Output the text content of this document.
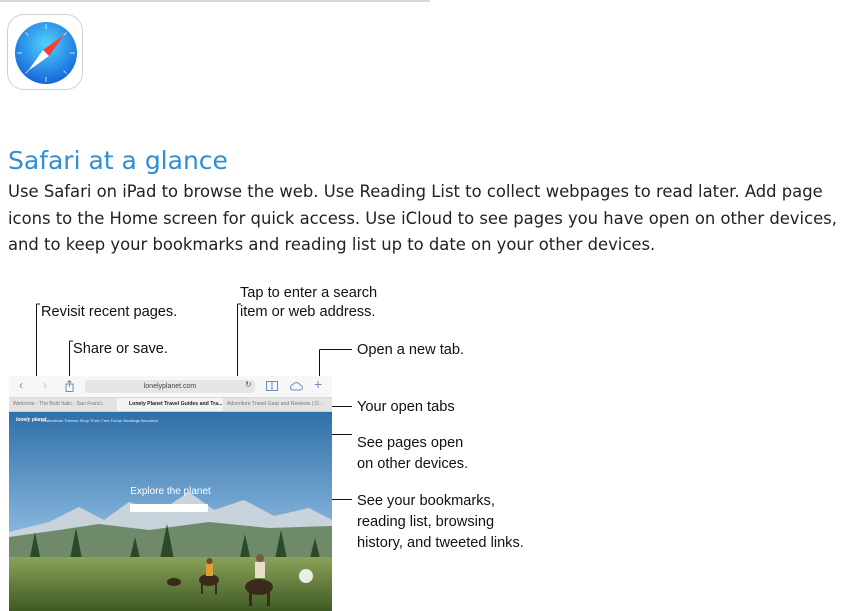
Safari at a glance

Use Safari on iPad to browse the web. Use Reading List to collect webpages to read later. Add page icons to the Home screen for quick access. Use iCloud to see pages you have open on other devices, and to keep your bookmarks and reading list up to date on your other devices.

Revisit recent pages.
Tap to enter a search
item or web address.
Share or save.	Open a new tab.
Your open tabs
See pages open
on other devices.
See your bookmarks,
reading list, browsing
history, and tweeted links.
‹ ›	lonelyplanet.com	↻	+
Welcome - The Bold Italic - San Franci...	Lonely Planet Travel Guides and Tra... Adventure Travel Gear and Reviews | O...
lonely planet
Destinations Themes Shop Thorn Tree Forum Bookings Insurance
Explore the planet
